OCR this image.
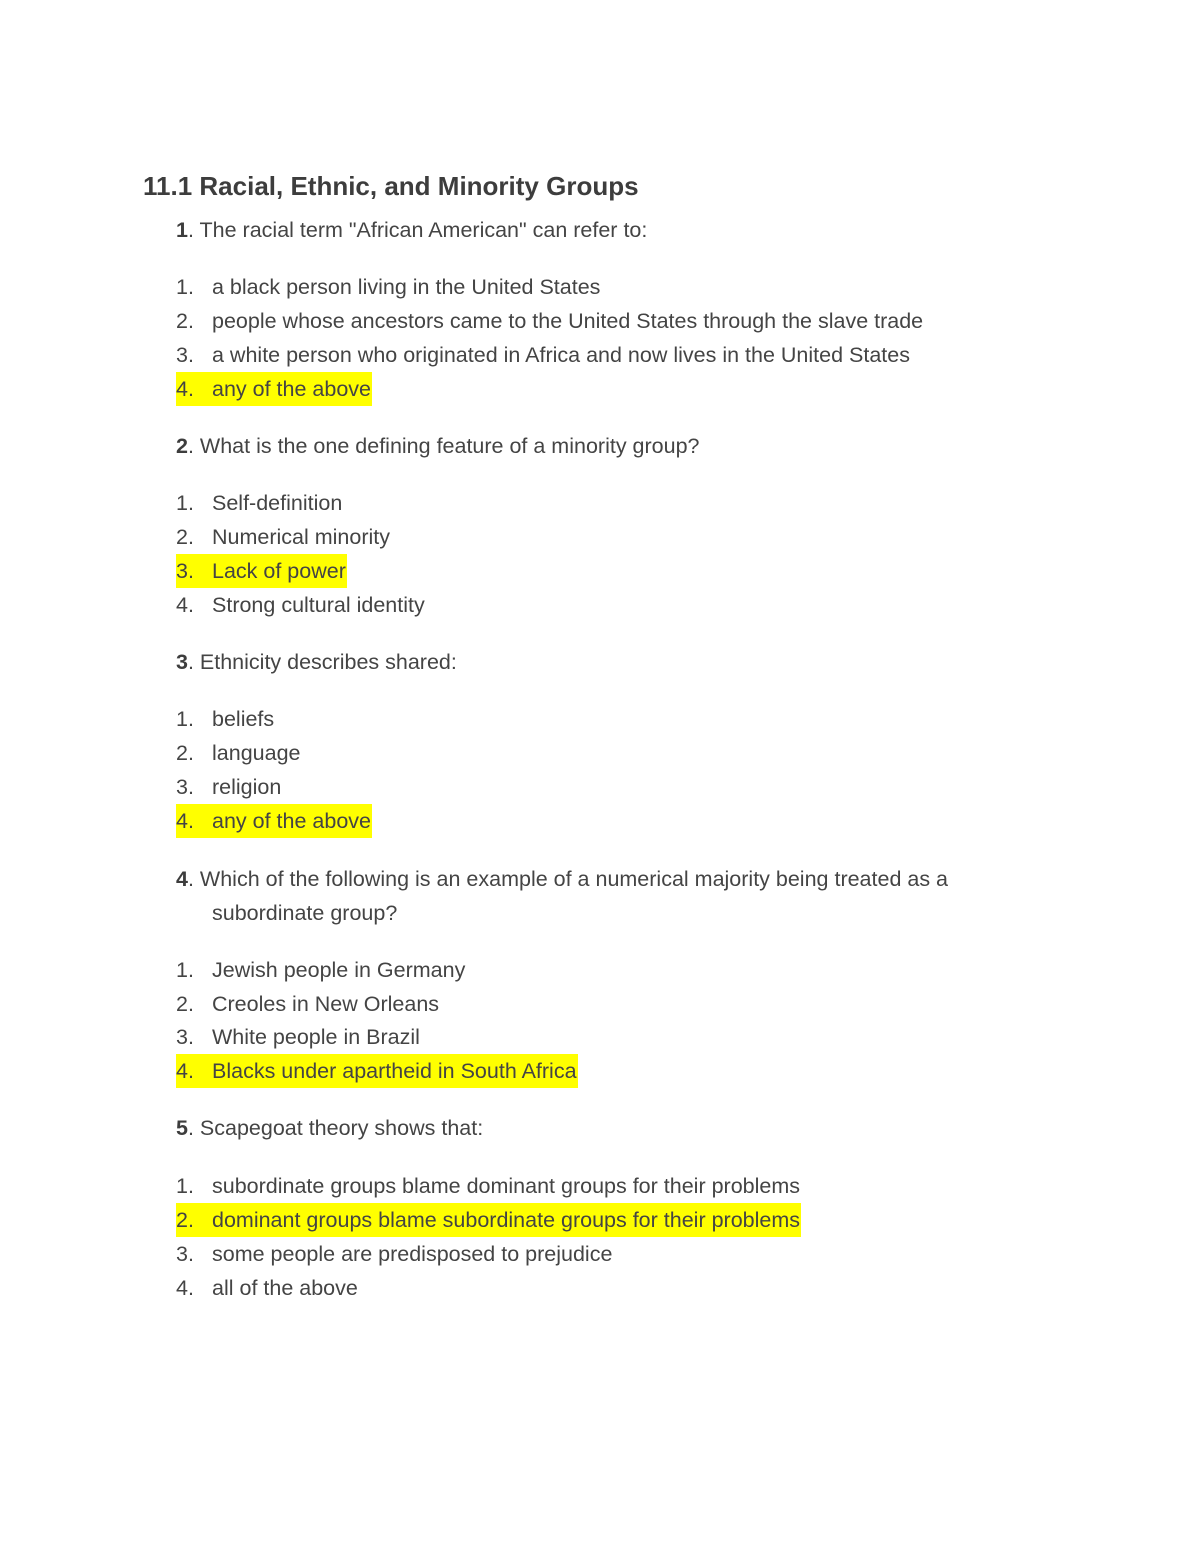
11.1 Racial, Ethnic, and Minority Groups
1. The racial term "African American" can refer to:
1. a black person living in the United States
2. people whose ancestors came to the United States through the slave trade
3. a white person who originated in Africa and now lives in the United States
4. any of the above
2. What is the one defining feature of a minority group?
1. Self-definition
2. Numerical minority
3. Lack of power
4. Strong cultural identity
3. Ethnicity describes shared:
1. beliefs
2. language
3. religion
4. any of the above
4. Which of the following is an example of a numerical majority being treated as a
subordinate group?
1. Jewish people in Germany
2. Creoles in New Orleans
3. White people in Brazil
4. Blacks under apartheid in South Africa
5. Scapegoat theory shows that:
1. subordinate groups blame dominant groups for their problems
2. dominant groups blame subordinate groups for their problems
3. some people are predisposed to prejudice
4. all of the above
